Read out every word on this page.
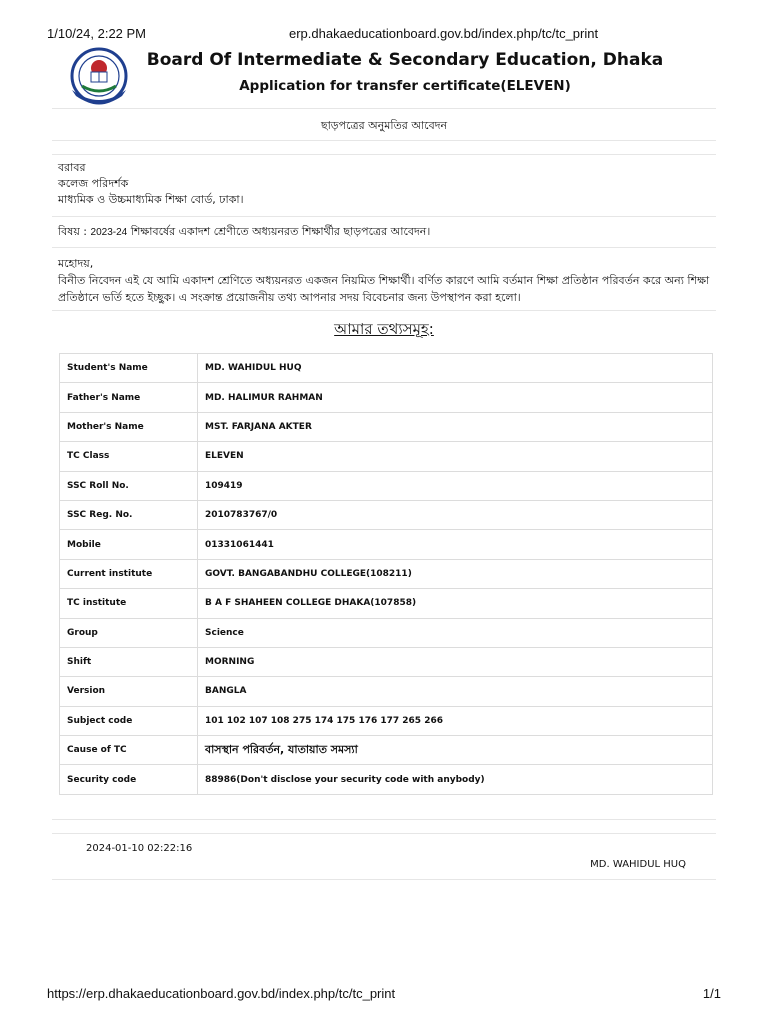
1/10/24, 2:22 PM	erp.dhakaeducationboard.gov.bd/index.php/tc/tc_print
Board Of Intermediate & Secondary Education, Dhaka
Application for transfer certificate(ELEVEN)
ছাড়পত্রের অনুমতির আবেদন
বরাবর
কলেজ পরিদর্শক
মাধ্যমিক ও উচ্চমাধ্যমিক শিক্ষা বোর্ড, ঢাকা।
বিষয় : 2023-24 শিক্ষাবর্ষের একাদশ শ্রেণীতে অধ্যয়নরত শিক্ষার্থীর ছাড়পত্রের আবেদন।
মহোদয়,
বিনীত নিবেদন এই যে আমি একাদশ শ্রেণিতে অধ্যয়নরত একজন নিয়মিত শিক্ষার্থী। বর্ণিত কারণে আমি বর্তমান শিক্ষা প্রতিষ্ঠান পরিবর্তন করে অন্য শিক্ষা প্রতিষ্ঠানে ভর্তি হতে ইচ্ছুক। এ সংক্রান্ত প্রয়োজনীয় তথ্য আপনার সদয় বিবেচনার জন্য উপস্থাপন করা হলো।
আমার তথ্যসমূহ:
Student's Name	MD. WAHIDUL HUQ
Father's Name	MD. HALIMUR RAHMAN
Mother's Name	MST. FARJANA AKTER
TC Class	ELEVEN
SSC Roll No.	109419
SSC Reg. No.	2010783767/0
Mobile	01331061441
Current institute	GOVT. BANGABANDHU COLLEGE(108211)
TC institute	B A F SHAHEEN COLLEGE DHAKA(107858)
Group	Science
Shift	MORNING
Version	BANGLA
Subject code	101 102 107 108 275 174 175 176 177 265 266
Cause of TC	বাসস্থান পরিবর্তন, যাতায়াত সমস্যা
Security code	88986(Don't disclose your security code with anybody)
2024-01-10 02:22:16
MD. WAHIDUL HUQ
https://erp.dhakaeducationboard.gov.bd/index.php/tc/tc_print	1/1
